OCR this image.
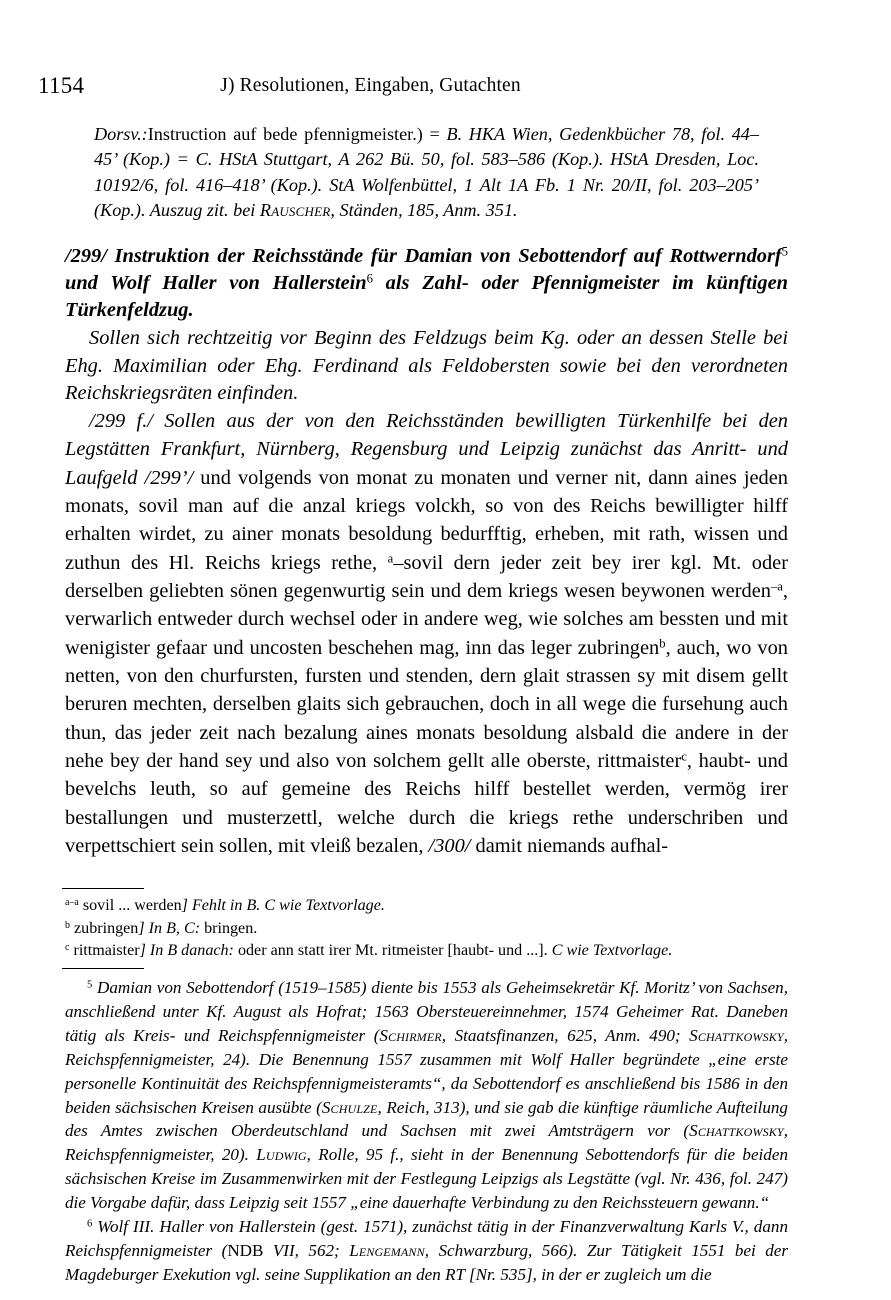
1154	J) Resolutionen, Eingaben, Gutachten
Dorsv.:Instruction auf bede pfennigmeister.) = B. HKA Wien, Gedenkbücher 78, fol. 44–45’ (Kop.) = C. HStA Stuttgart, A 262 Bü. 50, fol. 583–586 (Kop.). HStA Dresden, Loc. 10192/6, fol. 416–418’ (Kop.). StA Wolfenbüttel, 1 Alt 1A Fb. 1 Nr. 20/II, fol. 203–205’ (Kop.). Auszug zit. bei Rauscher, Ständen, 185, Anm. 351.
/299/ Instruktion der Reichsstände für Damian von Sebottendorf auf Rottwerndorf$^5$ und Wolf Haller von Hallerstein$^6$ als Zahl- oder Pfennigmeister im künftigen Türkenfeldzug.
Sollen sich rechtzeitig vor Beginn des Feldzugs beim Kg. oder an dessen Stelle bei Ehg. Maximilian oder Ehg. Ferdinand als Feldobersten sowie bei den verordneten Reichskriegsräten einfinden.
/299 f./ Sollen aus der von den Reichsständen bewilligten Türkenhilfe bei den Legstätten Frankfurt, Nürnberg, Regensburg und Leipzig zunächst das Anritt- und Laufgeld /299’/ und volgends von monat zu monaten und verner nit, dann aines jeden monats, sovil man auf die anzal kriegs volckh, so von des Reichs bewilligter hilff erhalten wirdet, zu ainer monats besoldung bedurfftig, erheben, mit rath, wissen und zuthun des Hl. Reichs kriegs rethe, $^a$–sovil dern jeder zeit bey irer kgl. Mt. oder derselben geliebten sönen gegenwurtig sein und dem kriegs wesen beywonen werden$^{-a}$, verwarlich entweder durch wechsel oder in andere weg, wie solches am bessten und mit wenigister gefaar und uncosten beschehen mag, inn das leger zubringen$^b$, auch, wo von netten, von den churfursten, fursten und stenden, dern glait strassen sy mit disem gellt beruren mechten, derselben glaits sich gebrauchen, doch in all wege die fursehung auch thun, das jeder zeit nach bezalung aines monats besoldung alsbald die andere in der nehe bey der hand sey und also von solchem gellt alle oberste, rittmaister$^c$, haubt- und bevelchs leuth, so auf gemeine des Reichs hilff bestellet werden, vermög irer bestallungen und musterzettl, welche durch die kriegs rethe underschriben und verpettschiert sein sollen, mit vleiß bezalen, /300/ damit niemands aufhal-
$^{a-a}$ sovil ... werden] Fehlt in B. C wie Textvorlage.
$^b$ zubringen] In B, C: bringen.
$^c$ rittmaister] In B danach: oder ann statt irer Mt. ritmeister [haubt- und ...]. C wie Textvorlage.
$^5$ Damian von Sebottendorf (1519–1585) diente bis 1553 als Geheimsekretär Kf. Moritz’ von Sachsen, anschließend unter Kf. August als Hofrat; 1563 Obersteuereinnehmer, 1574 Geheimer Rat. Daneben tätig als Kreis- und Reichspfennigmeister (Schirmer, Staatsfinanzen, 625, Anm. 490; Schattkowsky, Reichspfennigmeister, 24). Die Benennung 1557 zusammen mit Wolf Haller begründete „eine erste personelle Kontinuität des Reichspfennigmeisteramts“, da Sebottendorf es anschließend bis 1586 in den beiden sächsischen Kreisen ausübte (Schulze, Reich, 313), und sie gab die künftige räumliche Aufteilung des Amtes zwischen Oberdeutschland und Sachsen mit zwei Amtsträgern vor (Schattkowsky, Reichspfennigmeister, 20). Ludwig, Rolle, 95 f., sieht in der Benennung Sebottendorfs für die beiden sächsischen Kreise im Zusammenwirken mit der Festlegung Leipzigs als Legstätte (vgl. Nr. 436, fol. 247) die Vorgabe dafür, dass Leipzig seit 1557 „eine dauerhafte Verbindung zu den Reichssteuern gewann.“
$^6$ Wolf III. Haller von Hallerstein (gest. 1571), zunächst tätig in der Finanzverwaltung Karls V., dann Reichspfennigmeister (NDB VII, 562; Lengemann, Schwarzburg, 566). Zur Tätigkeit 1551 bei der Magdeburger Exekution vgl. seine Supplikation an den RT [Nr. 535], in der er zugleich um die
